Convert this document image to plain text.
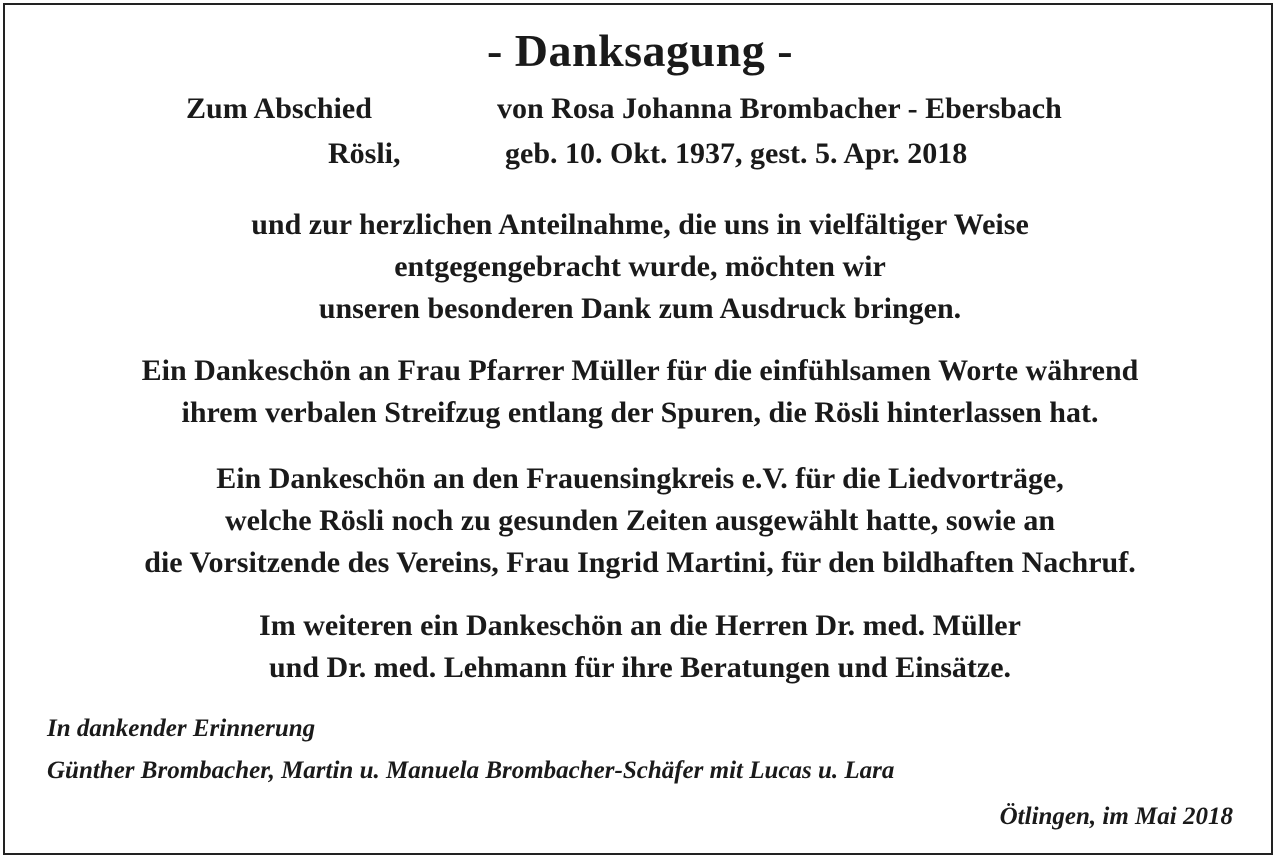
- Danksagung -
Zum Abschied	von Rosa Johanna Brombacher - Ebersbach
Rösli,	geb. 10. Okt. 1937, gest. 5. Apr. 2018
und zur herzlichen Anteilnahme, die uns in vielfältiger Weise
entgegengebracht wurde, möchten wir
unseren besonderen Dank zum Ausdruck bringen.
Ein Dankeschön an Frau Pfarrer Müller für die einfühlsamen Worte während
ihrem verbalen Streifzug entlang der Spuren, die Rösli hinterlassen hat.
Ein Dankeschön an den Frauensingkreis e.V. für die Liedvorträge,
welche Rösli noch zu gesunden Zeiten ausgewählt hatte, sowie an
die Vorsitzende des Vereins, Frau Ingrid Martini, für den bildhaften Nachruf.
Im weiteren ein Dankeschön an die Herren Dr. med. Müller
und Dr. med. Lehmann für ihre Beratungen und Einsätze.
In dankender Erinnerung
Günther Brombacher, Martin u. Manuela Brombacher-Schäfer mit Lucas u. Lara
Ötlingen, im Mai 2018
